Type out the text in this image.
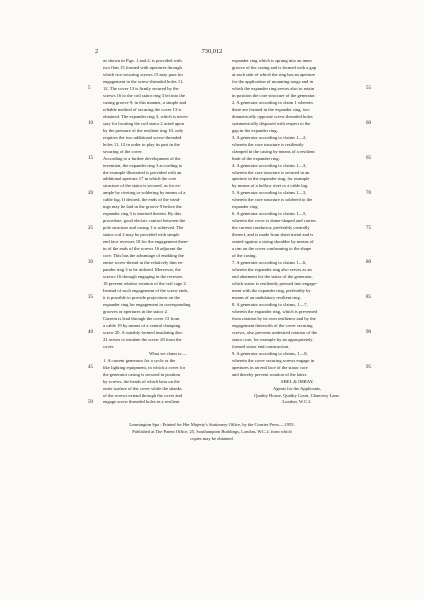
2	730,012
as shown in Figs. 1 and 2, is provided with
two flats 15 formed with apertures through
which two securing screws 15 may pass for
engagement in the screw-threaded holes 11,
12. The cover 13 is firmly secured by the
screws 16 to the coil stator ring 3 let into the
casing groove 9; in this manner, a simple and
reliable method of securing the cover 13 is
obtained. The expander ring 3, which is neces-
sary for locating the coil stator 2 acted upon
by the pressure of the resilient ring 10, only
requires the two additional screw-threaded
holes 11, 12 in order to play its part in the
securing of the cover.
According to a further development of the
invention, the expander ring 3 according to
the example illustrated is provided with an
additional aperture 17 in which the core
structure of the stator is secured, as for ex-
ample by riveting or soldering by means of a
cable lug. If desired, the ends of the wind-
ings may be laid in the groove 9 before the
expander ring 3 is inserted therein. By this
procedure, good electric contact between the
pole structure and casing 1 is achieved. The
stator coil 2 may be provided with simple
end face recesses 18 for the engagement there-
in of the ends of the screws 16 adjacent the
core. This has the advantage of enabling the
entire screw-thread in the relatively thin ex-
pander ring 3 to be utilized. Moreover, the
screws 16 through engaging in the recesses
18 prevent relative rotation of the coil cage 2.
Instead of such engagement of the screw ends,
it is possible to provide projections on the
expander ring for engagement in corresponding
grooves or apertures in the stator 2.
Current is lead through the cover 13 from
a cable 19 by means of a central clamping
screw 20. A suitably formed insulating disc
21 serves to insulate the screw 20 from the
cover.
What we claim is:—
1. A current generator for a cycle or the
like lighting equipment, in which a cover for
the generator casing is secured in position
by screws, the heads of which bear on the
outer surface of the cover while the shanks
of the screws extend through the cover and
engage screw threaded holes in a resilient
expander ring which is sprung into an inner
groove of the casing and is formed with a gap
at each side of which the ring has an aperture
for the application of mounting tongs and in
which the expander ring serves also to retain
in position the core structure of the generator.
2. A generator according to claim 1 wherein
there are formed in the expander ring, two
diametrically opposite screw threaded holes
symmetrically disposed with respect to the
gap in the expander ring.
3. A generator according to claims 1—2,
wherein the core structure is resiliently
clamped in the casing by means of a resilient
limb of the expander ring.
4. A generator according to claims 1—3,
wherein the core structure is secured in an
aperture in the expander ring, for example
by means of a hollow rivet or a cable lug.
5. A generator according to claims 1—3,
wherein the core structure is soldered to the
expander ring.
6. A generator according to claims 1—5,
wherein the cover is dome-shaped and carries
the current conductor, preferably centrally
thereof, and is made from sheet metal and is
seated against a sizing shoulder by means of
a rim on the cover conforming to the shape
of the casing.
7. A generator according to claims 1—6,
wherein the expander ring also serves as an
end abutment for the stator of the generator,
which stator is resiliently pressed into engage-
ment with the expander ring, preferably by
means of an undulatory resilient ring.
8. A generator according to claims, 1—7,
wherein the expander ring, which is prevented
from rotation by its own resilience and by the
engagement therewith of the cover securing
screws, also prevents undesired rotation of the
stator core, for example by an appropriately
formed stator end construction.
9. A generator according to claims, 1—8,
wherein the cover securing screws engage in
apertures in an end face of the stator core
and thereby prevent rotation of the latter.
ABEL & IMRAY,
Agents for the Applicants,
Quality House, Quality Court, Chancery Lane,
London, W.C.2.
5
10
15
20
25
30
35
40
45
50
55
60
65
70
75
80
85
90
95
Leamington Spa : Printed for Her Majesty's Stationery Office, by the Courier Press.—1955.
Published at The Patent Office, 25, Southampton Buildings, London, W.C.2, from which
copies may be obtained.
